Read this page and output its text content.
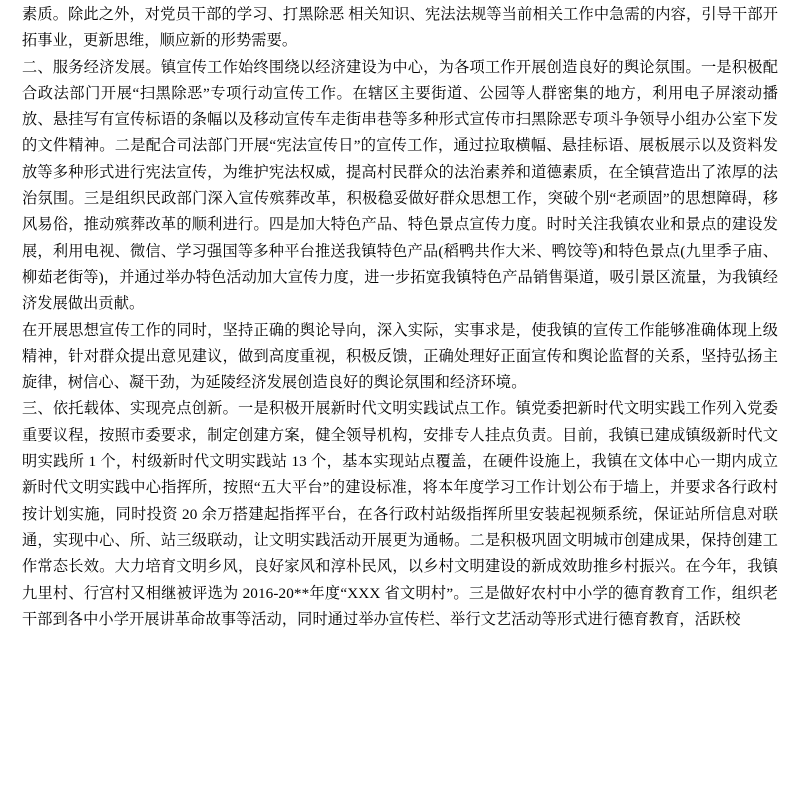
素质。除此之外，对党员干部的学习、打黑除恶 相关知识、宪法法规等当前相关工作中急需的内容，引导干部开拓事业，更新思维，顺应新的形势需要。

二、服务经济发展。镇宣传工作始终围绕以经济建设为中心，为各项工作开展创造良好的舆论氛围。一是积极配合政法部门开展“扫黑除恶”专项行动宣传工作。在辖区主要街道、公园等人群密集的地方，利用电子屏滚动播放、悬挂写有宣传标语的条幅以及移动宣传车走街串巷等多种形式宣传市扫黑除恶专项斗争领导小组办公室下发的文件精神。二是配合司法部门开展“宪法宣传日”的宣传工作，通过拉取横幅、悬挂标语、展板展示以及资料发放等多种形式进行宪法宣传，为维护宪法权威，提高村民群众的法治素养和道德素质，在全镇营造出了浓厚的法治氛围。三是组织民政部门深入宣传殡葬改革，积极稳妥做好群众思想工作，突破个别“老顽固”的思想障碍，移风易俗，推动殡葬改革的顺利进行。四是加大特色产品、特色景点宣传力度。时时关注我镇农业和景点的建设发展，利用电视、微信、学习强国等多种平台推送我镇特色产品(稻鸭共作大米、鸭饺等)和特色景点(九里季子庙、柳茹老街等)，并通过举办特色活动加大宣传力度，进一步拓宽我镇特色产品销售渠道，吸引景区流量，为我镇经济发展做出贡献。

在开展思想宣传工作的同时，坚持正确的舆论导向，深入实际，实事求是，使我镇的宣传工作能够准确体现上级精神，针对群众提出意见建议，做到高度重视，积极反馈，正确处理好正面宣传和舆论监督的关系，坚持弘扬主旋律，树信心、凝干劲，为延陵经济发展创造良好的舆论氛围和经济环境。

三、依托载体、实现亮点创新。一是积极开展新时代文明实践试点工作。镇党委把新时代文明实践工作列入党委重要议程，按照市委要求，制定创建方案，健全领导机构，安排专人挂点负责。目前，我镇已建成镇级新时代文明实践所 1 个，村级新时代文明实践站 13 个，基本实现站点覆盖，在硬件设施上，我镇在文体中心一期内成立新时代文明实践中心指挥所，按照“五大平台”的建设标准，将本年度学习工作计划公布于墙上，并要求各行政村按计划实施，同时投资 20 余万搭建起指挥平台，在各行政村站级指挥所里安装起视频系统，保证站所信息对联通，实现中心、所、站三级联动，让文明实践活动开展更为通畅。二是积极巩固文明城市创建成果，保持创建工作常态长效。大力培育文明乡风，良好家风和淳朴民风，以乡村文明建设的新成效助推乡村振兴。在今年，我镇九里村、行宫村又相继被评选为 2016-20**年度“XXX 省文明村”。三是做好农村中小学的德育教育工作，组织老干部到各中小学开展讲革命故事等活动，同时通过举办宣传栏、举行文艺活动等形式进行德育教育，活跃校
